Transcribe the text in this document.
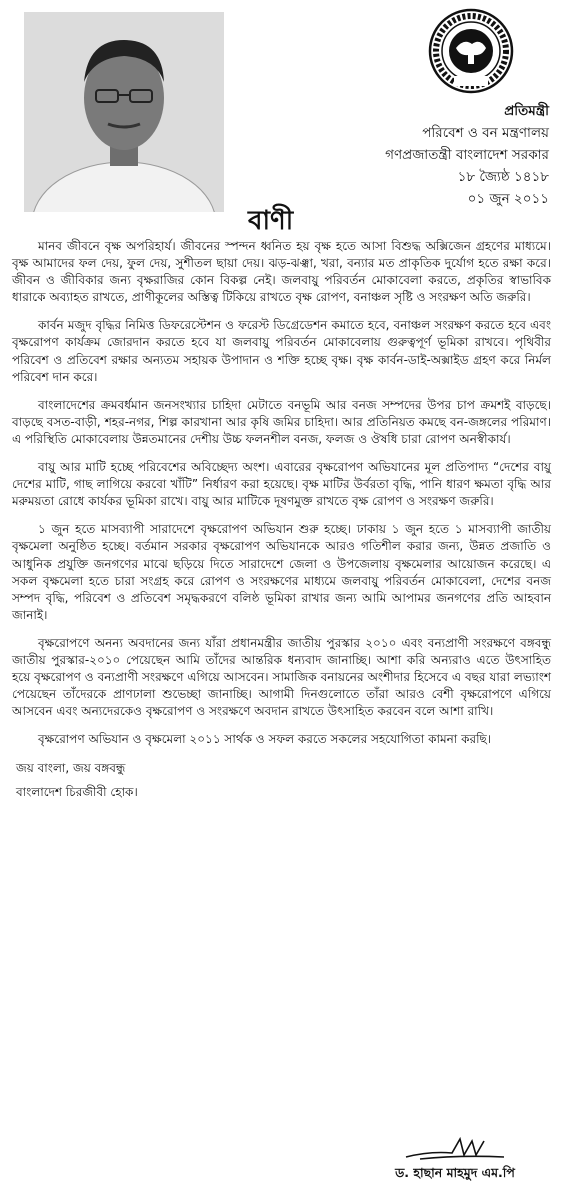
প্রতিমন্ত্রী
পরিবেশ ও বন মন্ত্রণালয়
গণপ্রজাতন্ত্রী বাংলাদেশ সরকার
১৮ জ্যৈষ্ঠ ১৪১৮
০১ জুন ২০১১
বাণী

মানব জীবনে বৃক্ষ অপরিহার্য। জীবনের স্পন্দন ধ্বনিত হয় বৃক্ষ হতে আসা বিশুদ্ধ অক্সিজেন গ্রহণের মাধ্যমে। বৃক্ষ আমাদের ফল দেয়, ফুল দেয়, সুশীতল ছায়া দেয়। ঝড়-ঝঞ্ঝা, খরা, বন্যার মত প্রাকৃতিক দুর্যোগ হতে রক্ষা করে। জীবন ও জীবিকার জন্য বৃক্ষরাজির কোন বিকল্প নেই। জলবায়ু পরিবর্তন মোকাবেলা করতে, প্রকৃতির স্বাভাবিক ধারাকে অব্যাহত রাখতে, প্রাণীকূলের অস্তিত্ব টিকিয়ে রাখতে বৃক্ষ রোপণ, বনাঞ্চল সৃষ্টি ও সংরক্ষণ অতি জরুরি।

কার্বন মজুদ বৃদ্ধির নিমিত্ত ডিফরেস্টেশন ও ফরেস্ট ডিগ্রেডেশন কমাতে হবে, বনাঞ্চল সংরক্ষণ করতে হবে এবং বৃক্ষরোপণ কার্যক্রম জোরদান করতে হবে যা জলবায়ু পরিবর্তন মোকাবেলায় গুরুত্বপূর্ণ ভূমিকা রাখবে। পৃথিবীর পরিবেশ ও প্রতিবেশ রক্ষার অন্যতম সহায়ক উপাদান ও শক্তি হচ্ছে বৃক্ষ। বৃক্ষ কার্বন-ডাই-অক্সাইড গ্রহণ করে নির্মল পরিবেশ দান করে।

বাংলাদেশের ক্রমবর্ধমান জনসংখ্যার চাহিদা মেটাতে বনভূমি আর বনজ সম্পদের উপর চাপ ক্রমশই বাড়ছে। বাড়ছে বসত-বাড়ী, শহর-নগর, শিল্প কারখানা আর কৃষি জমির চাহিদা। আর প্রতিনিয়ত কমছে বন-জঙ্গলের পরিমাণ। এ পরিস্থিতি মোকাবেলায় উন্নতমানের দেশীয় উচ্চ ফলনশীল বনজ, ফলজ ও ঔষধি চারা রোপণ অনস্বীকার্য।

বায়ু আর মাটি হচ্ছে পরিবেশের অবিচ্ছেদ্য অংশ। এবারের বৃক্ষরোপণ অভিযানের মূল প্রতিপাদ্য “দেশের বায়ু দেশের মাটি, গাছ লাগিয়ে করবো খাঁটি” নির্ধারণ করা হয়েছে। বৃক্ষ মাটির উর্বরতা বৃদ্ধি, পানি ধারণ ক্ষমতা বৃদ্ধি আর মরুময়তা রোধে কার্যকর ভূমিকা রাখে। বায়ু আর মাটিকে দূষণমুক্ত রাখতে বৃক্ষ রোপণ ও সংরক্ষণ জরুরি।

১ জুন হতে মাসব্যাপী সারাদেশে বৃক্ষরোপণ অভিযান শুরু হচ্ছে। ঢাকায় ১ জুন হতে ১ মাসব্যাপী জাতীয় বৃক্ষমেলা অনুষ্ঠিত হচ্ছে। বর্তমান সরকার বৃক্ষরোপণ অভিযানকে আরও গতিশীল করার জন্য, উন্নত প্রজাতি ও আধুনিক প্রযুক্তি জনগণের মাঝে ছড়িয়ে দিতে সারাদেশে জেলা ও উপজেলায় বৃক্ষমেলার আয়োজন করেছে। এ সকল বৃক্ষমেলা হতে চারা সংগ্রহ করে রোপণ ও সংরক্ষণের মাধ্যমে জলবায়ু পরিবর্তন মোকাবেলা, দেশের বনজ সম্পদ বৃদ্ধি, পরিবেশ ও প্রতিবেশ সমৃদ্ধকরণে বলিষ্ঠ ভূমিকা রাখার জন্য আমি আপামর জনগণের প্রতি আহবান জানাই।

বৃক্ষরোপণে অনন্য অবদানের জন্য যাঁরা প্রধানমন্ত্রীর জাতীয় পুরস্কার ২০১০ এবং বন্যপ্রাণী সংরক্ষণে বঙ্গবন্ধু জাতীয় পুরস্কার-২০১০ পেয়েছেন আমি তাঁদের আন্তরিক ধন্যবাদ জানাচ্ছি। আশা করি অন্যরাও এতে উৎসাহিত হয়ে বৃক্ষরোপণ ও বন্যপ্রাণী সংরক্ষণে এগিয়ে আসবেন। সামাজিক বনায়নের অংশীদার হিসেবে এ বছর যারা লভ্যাংশ পেয়েছেন তাঁদেরকে প্রাণঢালা শুভেচ্ছা জানাচ্ছি। আগামী দিনগুলোতে তাঁরা আরও বেশী বৃক্ষরোপণে এগিয়ে আসবেন এবং অন্যদেরকেও বৃক্ষরোপণ ও সংরক্ষণে অবদান রাখতে উৎসাহিত করবেন বলে আশা রাখি।

বৃক্ষরোপণ অভিযান ও বৃক্ষমেলা ২০১১ সার্থক ও সফল করতে সকলের সহযোগিতা কামনা করছি।

জয় বাংলা, জয় বঙ্গবন্ধু
বাংলাদেশ চিরজীবী হোক।
ড. হাছান মাহমুদ এম.পি
